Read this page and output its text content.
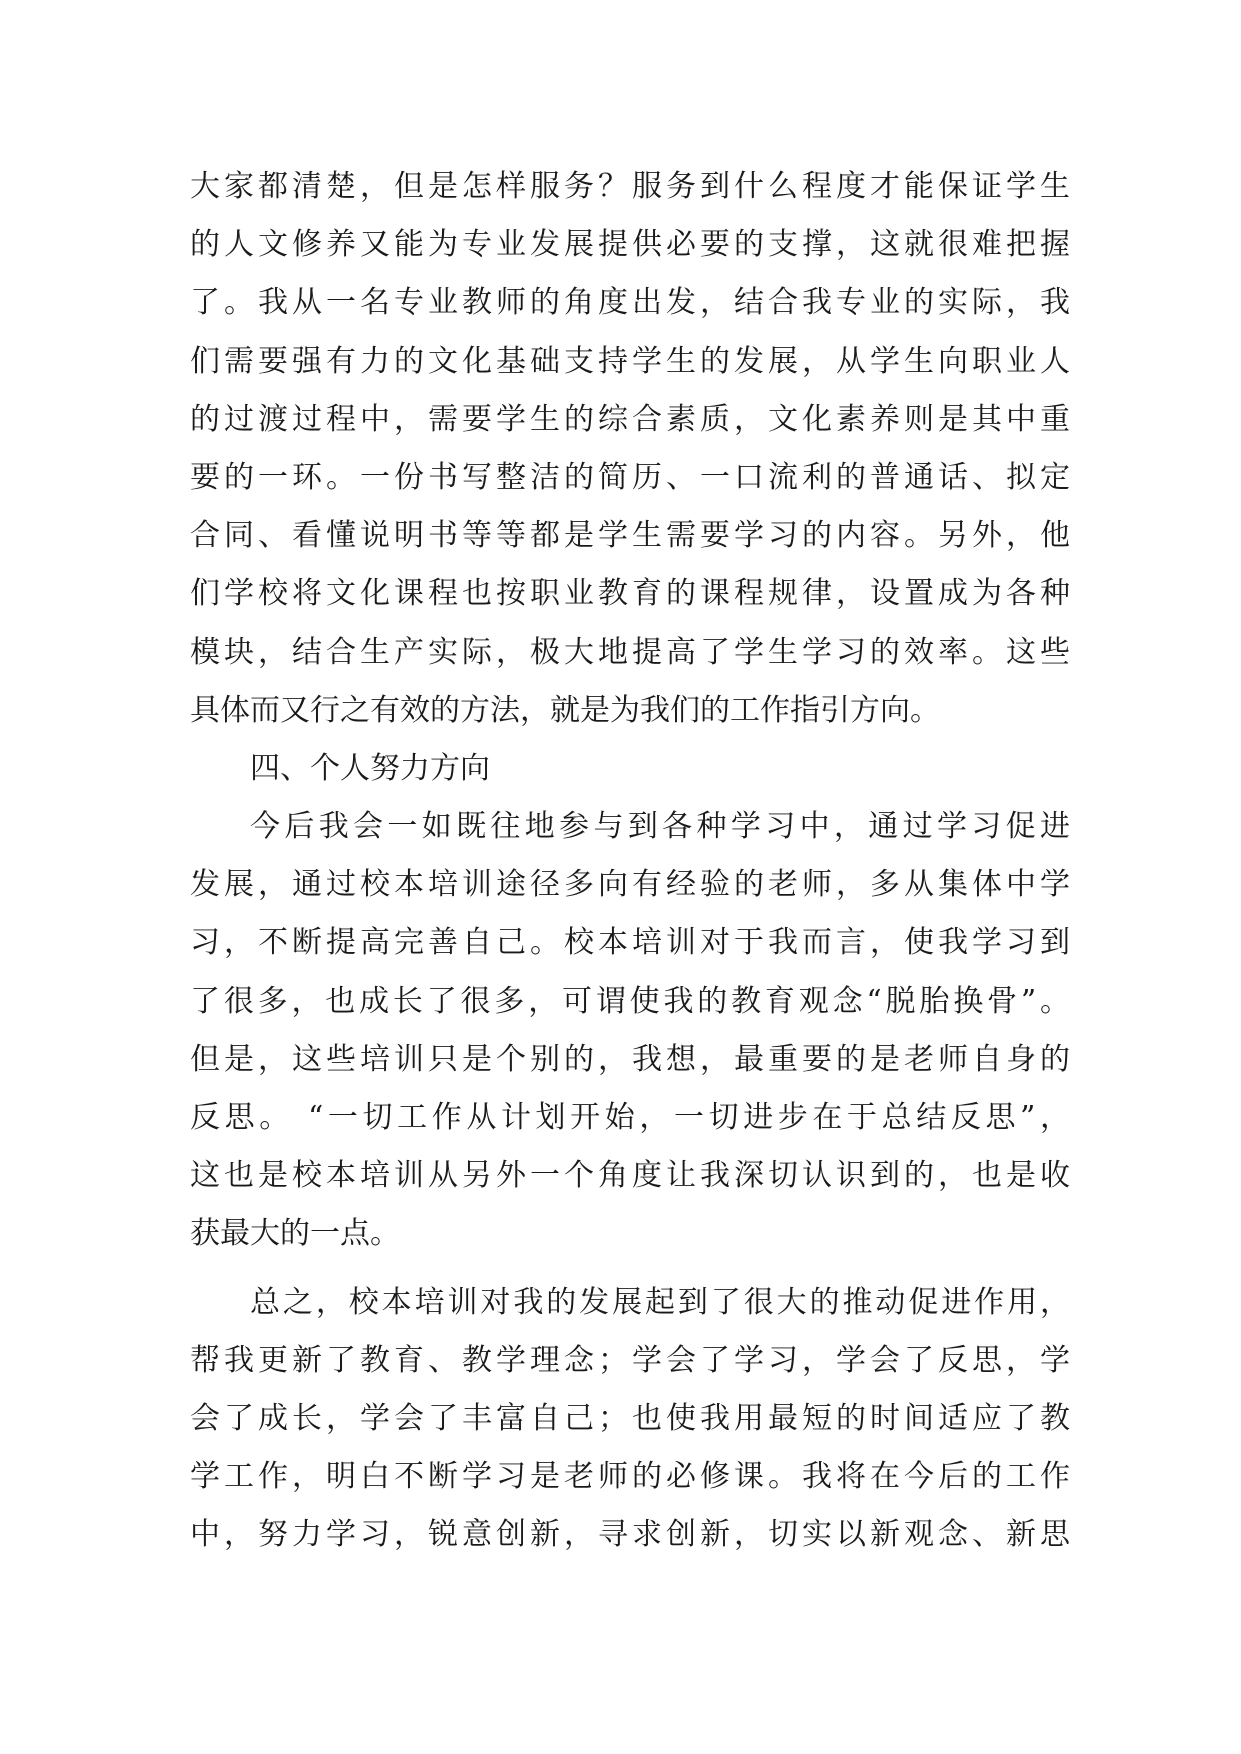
大家都清楚，但是怎样服务？服务到什么程度才能保证学生
的人文修养又能为专业发展提供必要的支撑，这就很难把握
了。我从一名专业教师的角度出发，结合我专业的实际，我
们需要强有力的文化基础支持学生的发展，从学生向职业人
的过渡过程中，需要学生的综合素质，文化素养则是其中重
要的一环。一份书写整洁的简历、一口流利的普通话、拟定
合同、看懂说明书等等都是学生需要学习的内容。另外，他
们学校将文化课程也按职业教育的课程规律，设置成为各种
模块，结合生产实际，极大地提高了学生学习的效率。这些
具体而又行之有效的方法，就是为我们的工作指引方向。
四、个人努力方向
今后我会一如既往地参与到各种学习中，通过学习促进
发展，通过校本培训途径多向有经验的老师，多从集体中学
习，不断提高完善自己。校本培训对于我而言，使我学习到
了很多，也成长了很多，可谓使我的教育观念“脱胎换骨”。
但是，这些培训只是个别的，我想，最重要的是老师自身的
反思。 “一切工作从计划开始，一切进步在于总结反思”，
这也是校本培训从另外一个角度让我深切认识到的，也是收
获最大的一点。
总之，校本培训对我的发展起到了很大的推动促进作用，
帮我更新了教育、教学理念；学会了学习，学会了反思，学
会了成长，学会了丰富自己；也使我用最短的时间适应了教
学工作，明白不断学习是老师的必修课。我将在今后的工作
中，努力学习，锐意创新，寻求创新，切实以新观念、新思
